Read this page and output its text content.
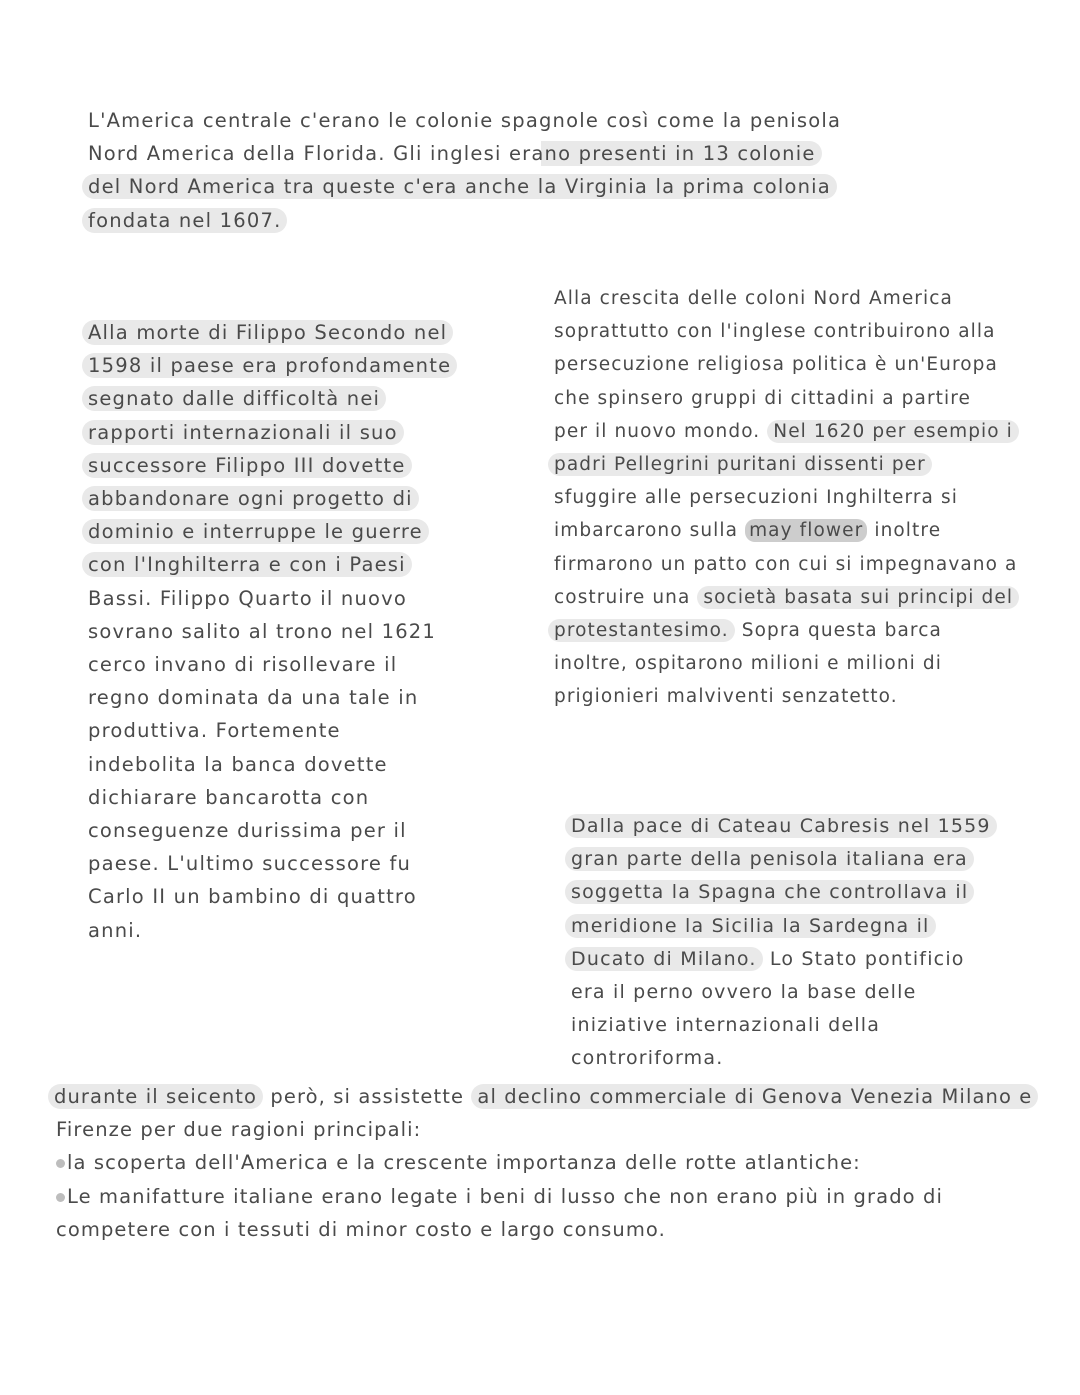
L'America centrale c'erano le colonie spagnole così come la penisola
Nord America della Florida. Gli inglesi erano presenti in 13 colonie
del Nord America tra queste c'era anche la Virginia la prima colonia
fondata nel 1607.
Alla morte di Filippo Secondo nel
1598 il paese era profondamente
segnato dalle difficoltà nei
rapporti internazionali il suo
successore Filippo III dovette
abbandonare ogni progetto di
dominio e interruppe le guerre
con l'Inghilterra e con i Paesi
Bassi. Filippo Quarto il nuovo
sovrano salito al trono nel 1621
cerco invano di risollevare il
regno dominata da una tale in
produttiva. Fortemente
indebolita la banca dovette
dichiarare bancarotta con
conseguenze durissima per il
paese. L'ultimo successore fu
Carlo II un bambino di quattro
anni.
Alla crescita delle coloni Nord America
soprattutto con l'inglese contribuirono alla
persecuzione religiosa politica è un'Europa
che spinsero gruppi di cittadini a partire
per il nuovo mondo. Nel 1620 per esempio i
padri Pellegrini puritani dissenti per
sfuggire alle persecuzioni Inghilterra si
imbarcarono sulla may flower inoltre
firmarono un patto con cui si impegnavano a
costruire una società basata sui principi del
protestantesimo. Sopra questa barca
inoltre, ospitarono milioni e milioni di
prigionieri malviventi senzatetto.
Dalla pace di Cateau Cabresis nel 1559
gran parte della penisola italiana era
soggetta la Spagna che controllava il
meridione la Sicilia la Sardegna il
Ducato di Milano. Lo Stato pontificio
era il perno ovvero la base delle
iniziative internazionali della
controriforma.
durante il seicento però, si assistette al declino commerciale di Genova Venezia Milano e
Firenze per due ragioni principali:
la scoperta dell'America e la crescente importanza delle rotte atlantiche:
Le manifatture italiane erano legate i beni di lusso che non erano più in grado di
competere con i tessuti di minor costo e largo consumo.
